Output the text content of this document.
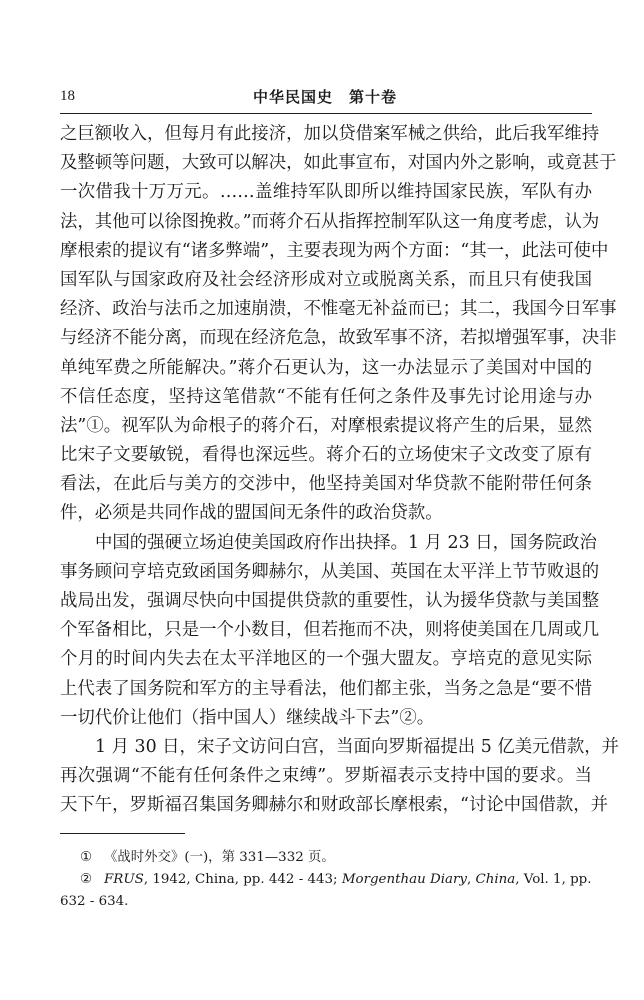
18	中华民国史　第十卷
之巨额收入，但每月有此接济，加以贷借案军械之供给，此后我军维持
及整顿等问题，大致可以解决，如此事宣布，对国内外之影响，或竟甚于
一次借我十万万元。……盖维持军队即所以维持国家民族，军队有办
法，其他可以徐图挽救。”而蒋介石从指挥控制军队这一角度考虑，认为
摩根索的提议有“诸多弊端”，主要表现为两个方面：“其一，此法可使中
国军队与国家政府及社会经济形成对立或脱离关系，而且只有使我国
经济、政治与法币之加速崩溃，不惟毫无补益而已；其二，我国今日军事
与经济不能分离，而现在经济危急，故致军事不济，若拟增强军事，决非
单纯军费之所能解决。”蒋介石更认为，这一办法显示了美国对中国的
不信任态度，坚持这笔借款“不能有任何之条件及事先讨论用途与办
法”①。视军队为命根子的蒋介石，对摩根索提议将产生的后果，显然
比宋子文要敏锐，看得也深远些。蒋介石的立场使宋子文改变了原有
看法，在此后与美方的交涉中，他坚持美国对华贷款不能附带任何条
件，必须是共同作战的盟国间无条件的政治贷款。
中国的强硬立场迫使美国政府作出抉择。1 月 23 日，国务院政治
事务顾问亨培克致函国务卿赫尔，从美国、英国在太平洋上节节败退的
战局出发，强调尽快向中国提供贷款的重要性，认为援华贷款与美国整
个军备相比，只是一个小数目，但若拖而不决，则将使美国在几周或几
个月的时间内失去在太平洋地区的一个强大盟友。亨培克的意见实际
上代表了国务院和军方的主导看法，他们都主张，当务之急是“要不惜
一切代价让他们（指中国人）继续战斗下去”②。
1 月 30 日，宋子文访问白宫，当面向罗斯福提出 5 亿美元借款，并
再次强调“不能有任何条件之束缚”。罗斯福表示支持中国的要求。当
天下午，罗斯福召集国务卿赫尔和财政部长摩根索，“讨论中国借款，并
① 《战时外交》(一)，第 331—332 页。
② FRUS, 1942, China, pp. 442 - 443; Morgenthau Diary, China, Vol. 1, pp.
632 - 634.
